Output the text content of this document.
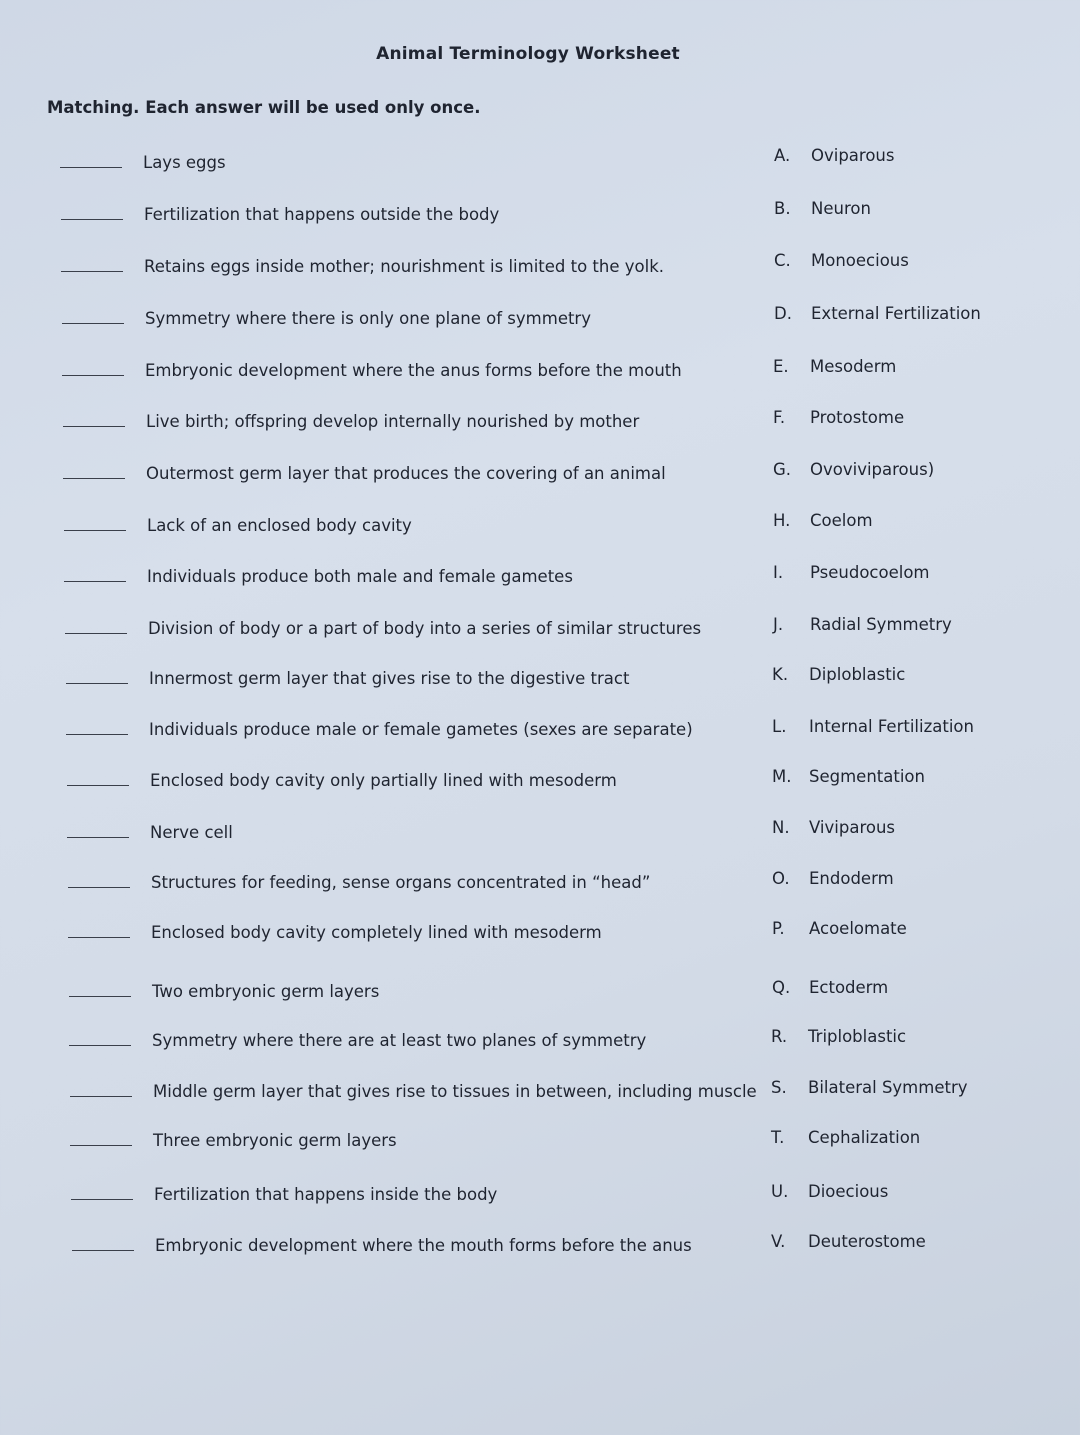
Animal Terminology Worksheet
Matching. Each answer will be used only once.
Lays eggs
Fertilization that happens outside the body
Retains eggs inside mother; nourishment is limited to the yolk.
Symmetry where there is only one plane of symmetry
Embryonic development where the anus forms before the mouth
Live birth; offspring develop internally nourished by mother
Outermost germ layer that produces the covering of an animal
Lack of an enclosed body cavity
Individuals produce both male and female gametes
Division of body or a part of body into a series of similar structures
Innermost germ layer that gives rise to the digestive tract
Individuals produce male or female gametes (sexes are separate)
Enclosed body cavity only partially lined with mesoderm
Nerve cell
Structures for feeding, sense organs concentrated in “head”
Enclosed body cavity completely lined with mesoderm
Two embryonic germ layers
Symmetry where there are at least two planes of symmetry
Middle germ layer that gives rise to tissues in between, including muscle
Three embryonic germ layers
Fertilization that happens inside the body
Embryonic development where the mouth forms before the anus
A.	Oviparous
B.	Neuron
C.	Monoecious
D.	External Fertilization
E.	Mesoderm
F.	Protostome
G.	Ovoviviparous)
H.	Coelom
I.	Pseudocoelom
J.	Radial Symmetry
K.	Diploblastic
L.	Internal Fertilization
M.	Segmentation
N.	Viviparous
O.	Endoderm
P.	Acoelomate
Q.	Ectoderm
R.	Triploblastic
S.	Bilateral Symmetry
T.	Cephalization
U.	Dioecious
V.	Deuterostome
